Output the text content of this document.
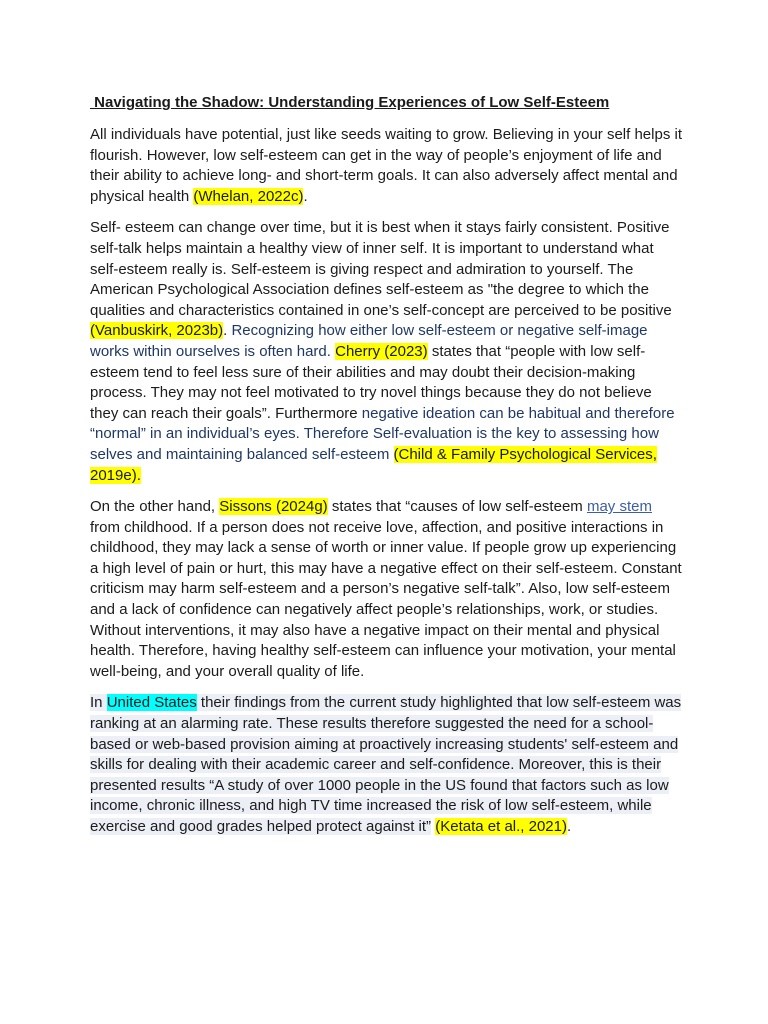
Navigating the Shadow: Understanding Experiences of Low Self-Esteem

All individuals have potential, just like seeds waiting to grow. Believing in your self helps it flourish. However, low self-esteem can get in the way of people’s enjoyment of life and their ability to achieve long- and short-term goals. It can also adversely affect mental and physical health (Whelan, 2022c).

Self- esteem can change over time, but it is best when it stays fairly consistent. Positive self-talk helps maintain a healthy view of inner self. It is important to understand what self-esteem really is. Self-esteem is giving respect and admiration to yourself. The American Psychological Association defines self-esteem as "the degree to which the qualities and characteristics contained in one’s self-concept are perceived to be positive (Vanbuskirk, 2023b). Recognizing how either low self-esteem or negative self-image works within ourselves is often hard. Cherry (2023) states that “people with low self-esteem tend to feel less sure of their abilities and may doubt their decision-making process. They may not feel motivated to try novel things because they do not believe they can reach their goals”. Furthermore negative ideation can be habitual and therefore “normal” in an individual’s eyes. Therefore Self-evaluation is the key to assessing how selves and maintaining balanced self-esteem (Child & Family Psychological Services, 2019e).

On the other hand, Sissons (2024g) states that “causes of low self-esteem may stem from childhood. If a person does not receive love, affection, and positive interactions in childhood, they may lack a sense of worth or inner value. If people grow up experiencing a high level of pain or hurt, this may have a negative effect on their self-esteem. Constant criticism may harm self-esteem and a person’s negative self-talk”. Also, low self-esteem and a lack of confidence can negatively affect people’s relationships, work, or studies. Without interventions, it may also have a negative impact on their mental and physical health. Therefore, having healthy self-esteem can influence your motivation, your mental well-being, and your overall quality of life.

In United States their findings from the current study highlighted that low self-esteem was ranking at an alarming rate. These results therefore suggested the need for a school-based or web-based provision aiming at proactively increasing students' self-esteem and skills for dealing with their academic career and self-confidence. Moreover, this is their presented results “A study of over 1000 people in the US found that factors such as low income, chronic illness, and high TV time increased the risk of low self-esteem, while exercise and good grades helped protect against it” (Ketata et al., 2021).
